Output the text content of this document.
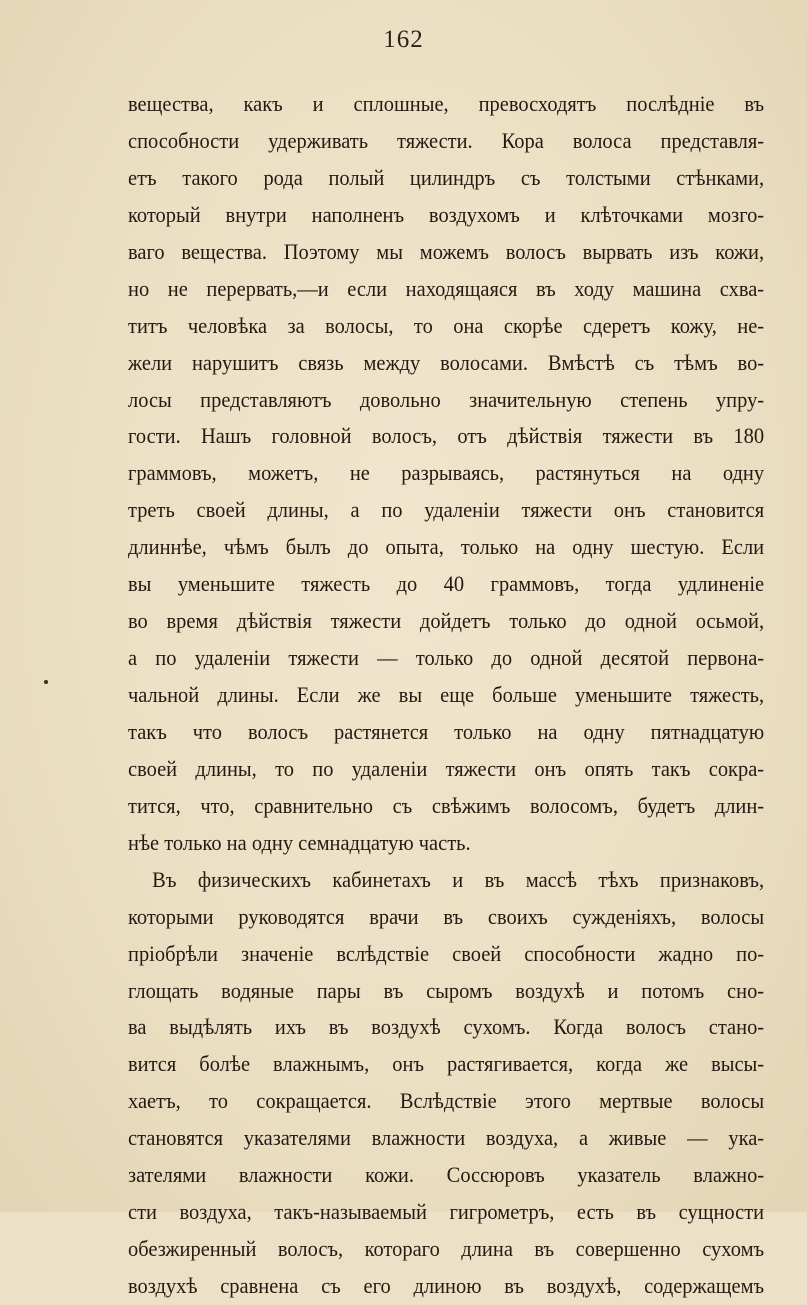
162
вещества, какъ и сплошные, превосходятъ послѣднiе въ
способности удерживать тяжести. Кора волоса представля-
етъ такого рода полый цилиндръ съ толстыми стѣнками,
который внутри наполненъ воздухомъ и клѣточками мозго-
ваго вещества. Поэтому мы можемъ волосъ вырвать изъ кожи,
но не перервать,—и если находящаяся въ ходу машина схва-
титъ человѣка за волосы, то она скорѣе сдеретъ кожу, не-
жели нарушитъ связь между волосами. Вмѣстѣ съ тѣмъ во-
лосы представляютъ довольно значительную степень упру-
гости. Нашъ головной волосъ, отъ дѣйствiя тяжести въ 180
граммовъ, можетъ, не разрываясь, растянуться на одну
треть своей длины, а по удаленiи тяжести онъ становится
длиннѣе, чѣмъ былъ до опыта, только на одну шестую. Если
вы уменьшите тяжесть до 40 граммовъ, тогда удлиненiе
во время дѣйствiя тяжести дойдетъ только до одной осьмой,
а по удаленiи тяжести — только до одной десятой первона-
чальной длины. Если же вы еще больше уменьшите тяжесть,
такъ что волосъ растянется только на одну пятнадцатую
своей длины, то по удаленiи тяжести онъ опять такъ сокра-
тится, что, сравнительно съ свѣжимъ волосомъ, будетъ длин-
нѣе только на одну семнадцатую часть.
Въ физическихъ кабинетахъ и въ массѣ тѣхъ признаковъ,
которыми руководятся врачи въ своихъ сужденiяхъ, волосы
прiобрѣли значенiе вслѣдствiе своей способности жадно по-
глощать водяные пары въ сыромъ воздухѣ и потомъ сно-
ва выдѣлять ихъ въ воздухѣ сухомъ. Когда волосъ стано-
вится болѣе влажнымъ, онъ растягивается, когда же высы-
хаетъ, то сокращается. Вслѣдствiе этого мертвые волосы
становятся указателями влажности воздуха, а живые — ука-
зателями влажности кожи. Соссюровъ указатель влажно-
сти воздуха, такъ-называемый гигрометръ, есть въ сущности
обезжиренный волосъ, котораго длина въ совершенно сухомъ
воздухѣ сравнена съ его длиною въ воздухѣ, содержащемъ
